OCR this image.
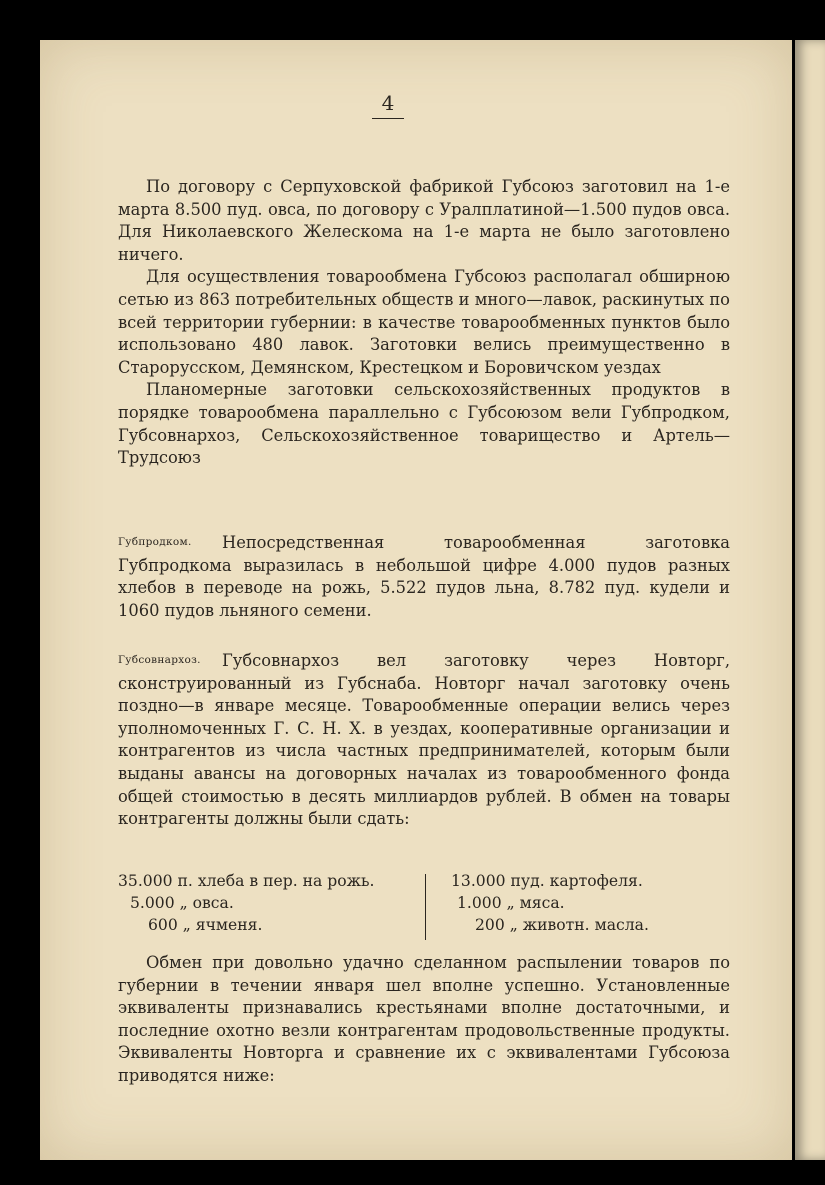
4

По договору с Серпуховской фабрикой Губсоюз заготовил на 1-е марта 8.500 пуд. овса, по договору с Уралплатиной—1.500 пудов овса. Для Николаевского Желескома на 1-е марта не было заготовлено ничего.

Для осуществления товарообмена Губсоюз располагал обширною сетью из 863 потребительных обществ и много—лавок, раскинутых по всей территории губернии: в качестве товарообменных пунктов было использовано 480 лавок. Заготовки велись преимущественно в Старорусском, Демянском, Крестецком и Боровичском уездах

Планомерные заготовки сельскохозяйственных продуктов в порядке товарообмена параллельно с Губсоюзом вели Губпродком, Губсовнархоз, Сельскохозяйственное товарищество и Артель—Трудсоюз

Губпродком.	Непосредственная товарообменная заготовка Губпродкома выразилась в небольшой цифре 4.000 пудов разных хлебов в переводе на рожь, 5.522 пудов льна, 8.782 пуд. кудели и 1060 пудов льняного семени.

Губсовнархоз.	Губсовнархоз вел заготовку через Новторг, сконструированный из Губснаба. Новторг начал заготовку очень поздно—в январе месяце. Товарообменные операции велись через уполномоченных Г. С. Н. Х. в уездах, кооперативные организации и контрагентов из числа частных предпринимателей, которым были выданы авансы на договорных началах из товарообменного фонда общей стоимостью в десять миллиардов рублей. В обмен на товары контрагенты должны были сдать:

35.000 п. хлеба в пер. на рожь.
5.000 „ овса.
600 „ ячменя.
13.000 пуд. картофеля.
1.000 „ мяса.
200 „ животн. масла.

Обмен при довольно удачно сделанном распылении товаров по губернии в течении января шел вполне успешно. Установленные эквиваленты признавались крестьянами вполне достаточными, и последние охотно везли контрагентам продовольственные продукты. Эквиваленты Новторга и сравнение их с эквивалентами Губсоюза приводятся ниже:
